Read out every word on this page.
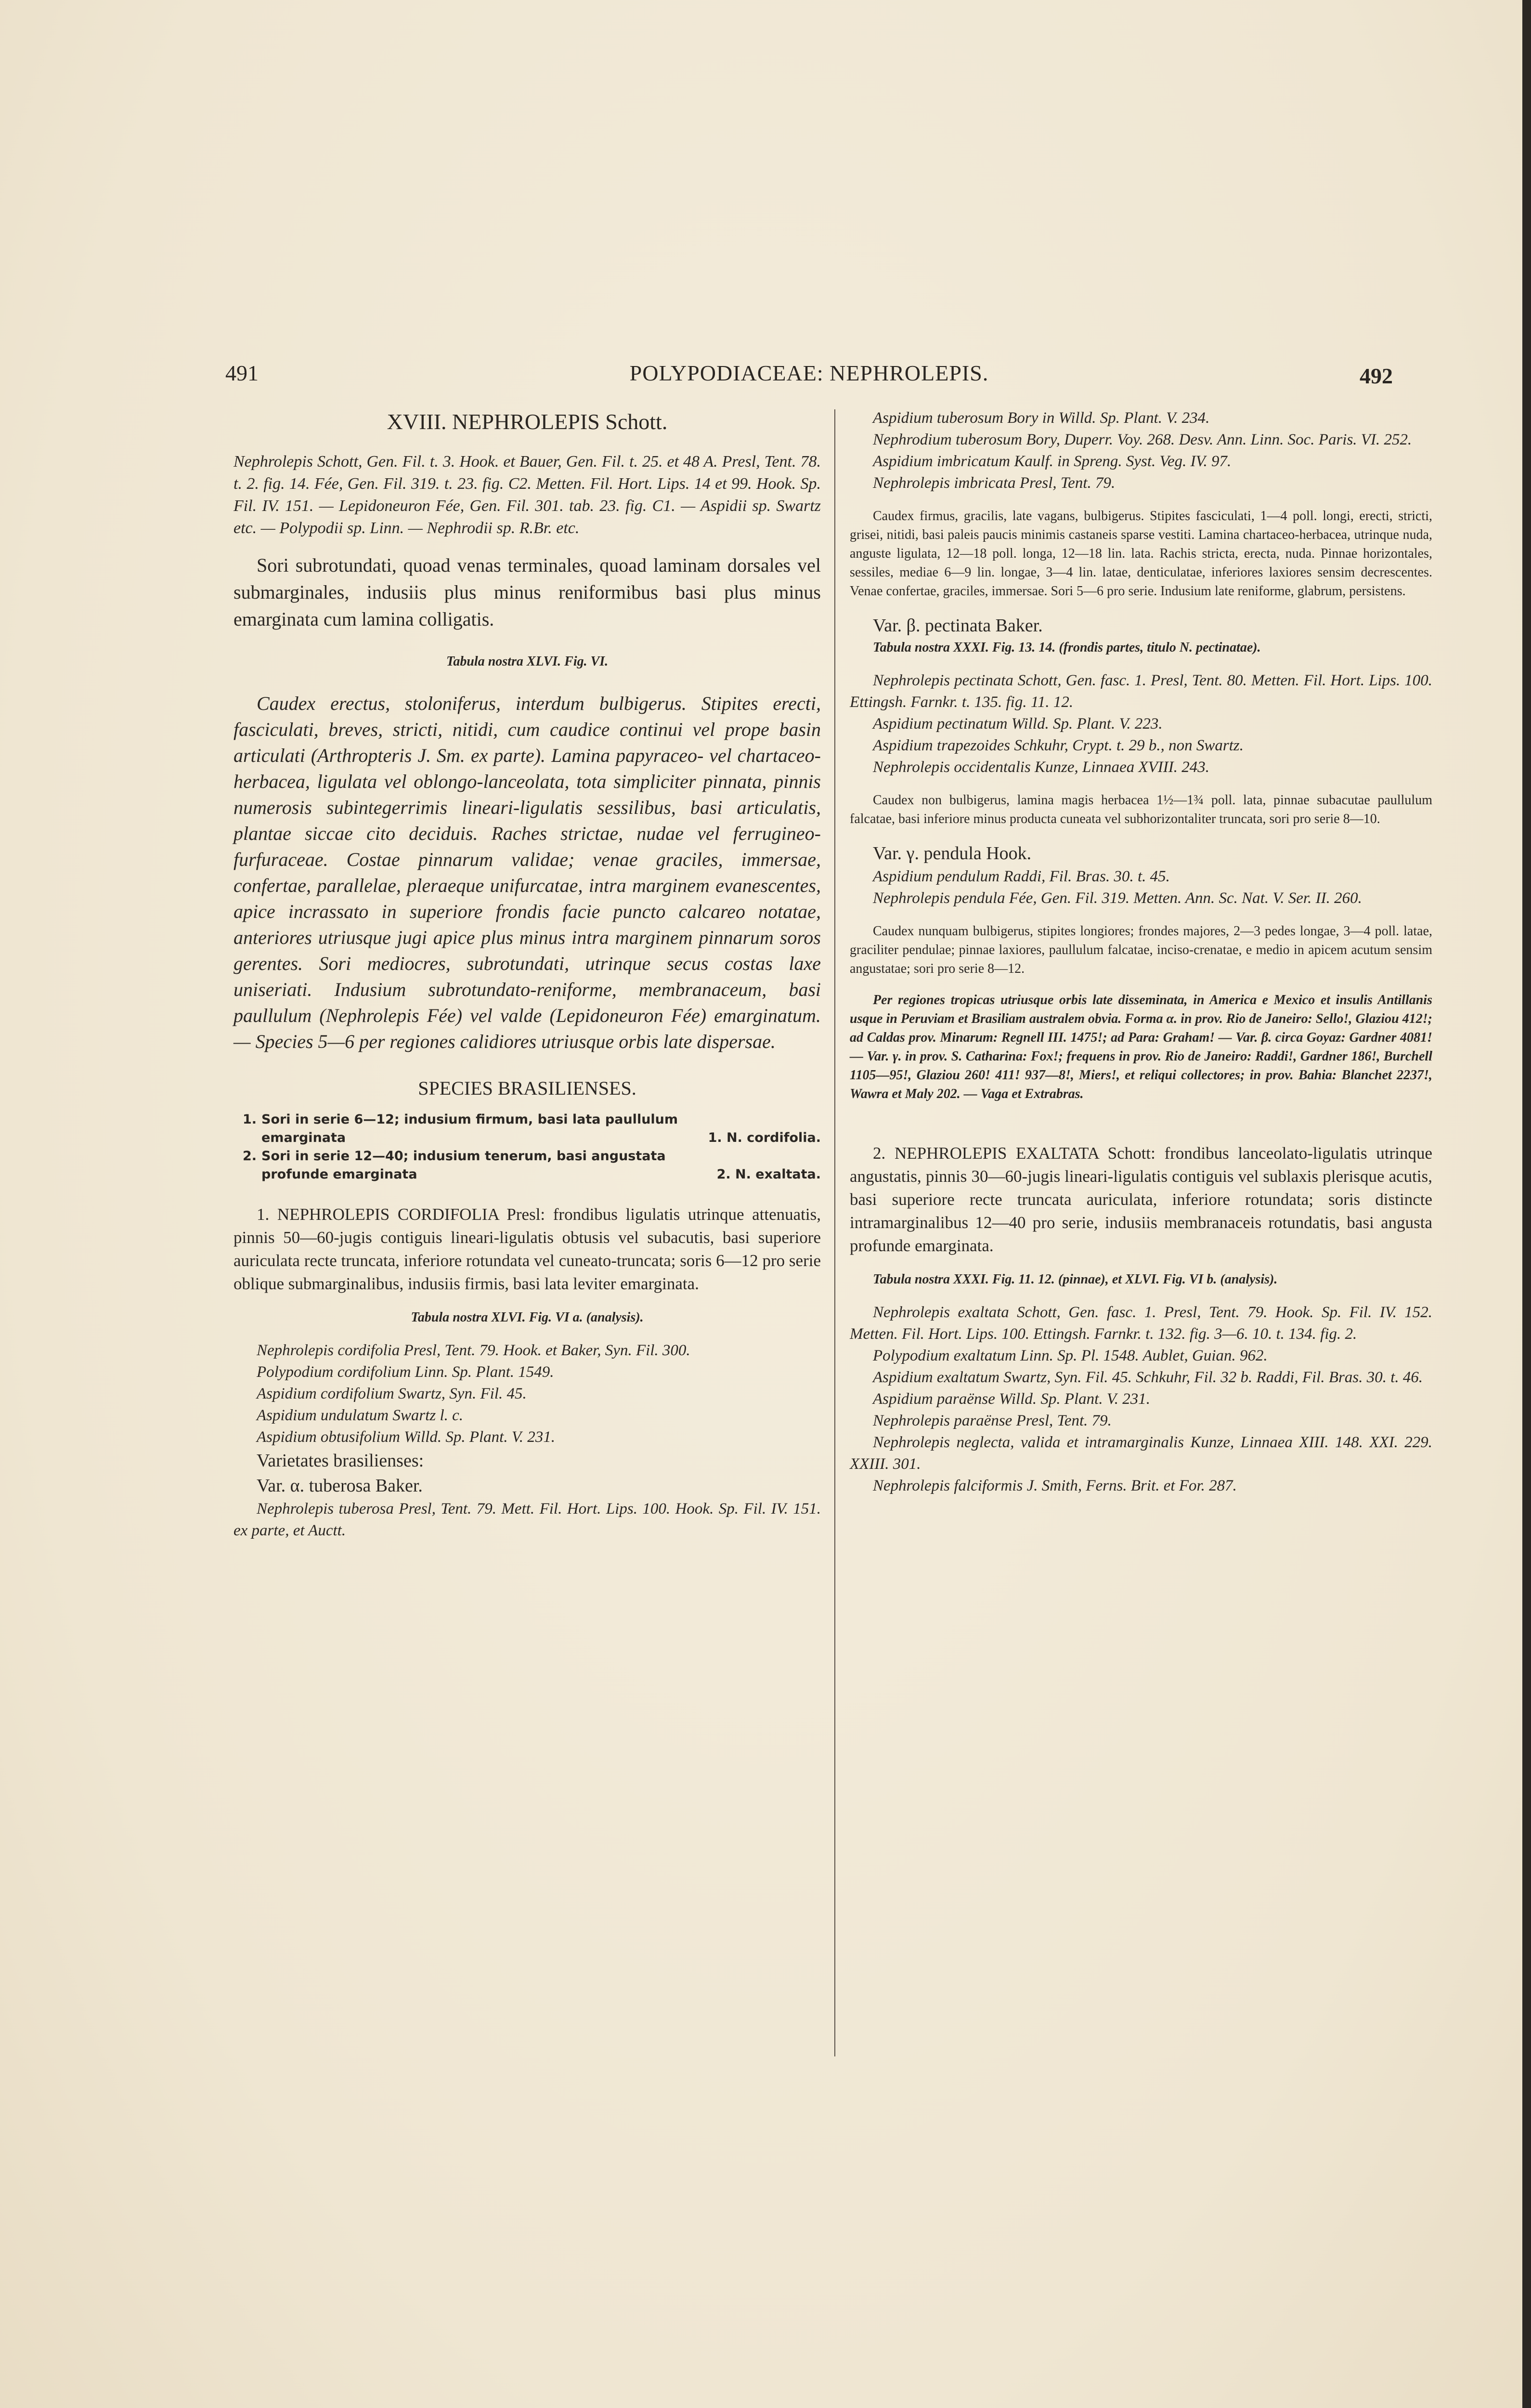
491	POLYPODIACEAE: NEPHROLEPIS.	492

XVIII. NEPHROLEPIS Schott.

Nephrolepis Schott, Gen. Fil. t. 3. Hook. et Bauer, Gen. Fil. t. 25. et 48 A. Presl, Tent. 78. t. 2. fig. 14. Fée, Gen. Fil. 319. t. 23. fig. C2. Metten. Fil. Hort. Lips. 14 et 99. Hook. Sp. Fil. IV. 151. — Lepidoneuron Fée, Gen. Fil. 301. tab. 23. fig. C1. — Aspidii sp. Swartz etc. — Polypodii sp. Linn. — Nephrodii sp. R.Br. etc.

Sori subrotundati, quoad venas terminales, quoad laminam dorsales vel submarginales, indusiis plus minus reniformibus basi plus minus emarginata cum lamina colligatis.

Tabula nostra XLVI. Fig. VI.

Caudex erectus, stoloniferus, interdum bulbigerus. Stipites erecti, fasciculati, breves, stricti, nitidi, cum caudice continui vel prope basin articulati (Arthropteris J. Sm. ex parte). Lamina papyraceo- vel chartaceo-herbacea, ligulata vel oblongo-lanceolata, tota simpliciter pinnata, pinnis numerosis subintegerrimis lineari-ligulatis sessilibus, basi articulatis, plantae siccae cito deciduis. Raches strictae, nudae vel ferrugineo-furfuraceae. Costae pinnarum validae; venae graciles, immersae, confertae, parallelae, pleraeque unifurcatae, intra marginem evanescentes, apice incrassato in superiore frondis facie puncto calcareo notatae, anteriores utriusque jugi apice plus minus intra marginem pinnarum soros gerentes. Sori mediocres, subrotundati, utrinque secus costas laxe uniseriati. Indusium subrotundato-reniforme, membranaceum, basi paullulum (Nephrolepis Fée) vel valde (Lepidoneuron Fée) emarginatum. — Species 5—6 per regiones calidiores utriusque orbis late dispersae.

SPECIES BRASILIENSES.

1. Sori in serie 6—12; indusium firmum, basi lata paullulum emarginata	1. N. cordifolia.
2. Sori in serie 12—40; indusium tenerum, basi angustata profunde emarginata	2. N. exaltata.

1. NEPHROLEPIS CORDIFOLIA Presl: frondibus ligulatis utrinque attenuatis, pinnis 50—60-jugis contiguis lineari-ligulatis obtusis vel subacutis, basi superiore auriculata recte truncata, inferiore rotundata vel cuneato-truncata; soris 6—12 pro serie oblique submarginalibus, indusiis firmis, basi lata leviter emarginata.

Tabula nostra XLVI. Fig. VI a. (analysis).

Nephrolepis cordifolia Presl, Tent. 79. Hook. et Baker, Syn. Fil. 300.

Polypodium cordifolium Linn. Sp. Plant. 1549.

Aspidium cordifolium Swartz, Syn. Fil. 45.

Aspidium undulatum Swartz l. c.

Aspidium obtusifolium Willd. Sp. Plant. V. 231.

Varietates brasilienses:

Var. α. tuberosa Baker.

Nephrolepis tuberosa Presl, Tent. 79. Mett. Fil. Hort. Lips. 100. Hook. Sp. Fil. IV. 151. ex parte, et Auctt.

Aspidium tuberosum Bory in Willd. Sp. Plant. V. 234.

Nephrodium tuberosum Bory, Duperr. Voy. 268. Desv. Ann. Linn. Soc. Paris. VI. 252.

Aspidium imbricatum Kaulf. in Spreng. Syst. Veg. IV. 97.

Nephrolepis imbricata Presl, Tent. 79.

Caudex firmus, gracilis, late vagans, bulbigerus. Stipites fasciculati, 1—4 poll. longi, erecti, stricti, grisei, nitidi, basi paleis paucis minimis castaneis sparse vestiti. Lamina chartaceo-herbacea, utrinque nuda, anguste ligulata, 12—18 poll. longa, 12—18 lin. lata. Rachis stricta, erecta, nuda. Pinnae horizontales, sessiles, mediae 6—9 lin. longae, 3—4 lin. latae, denticulatae, inferiores laxiores sensim decrescentes. Venae confertae, graciles, immersae. Sori 5—6 pro serie. Indusium late reniforme, glabrum, persistens.

Var. β. pectinata Baker.

Tabula nostra XXXI. Fig. 13. 14. (frondis partes, titulo N. pectinatae).

Nephrolepis pectinata Schott, Gen. fasc. 1. Presl, Tent. 80. Metten. Fil. Hort. Lips. 100. Ettingsh. Farnkr. t. 135. fig. 11. 12.

Aspidium pectinatum Willd. Sp. Plant. V. 223.

Aspidium trapezoides Schkuhr, Crypt. t. 29 b., non Swartz.

Nephrolepis occidentalis Kunze, Linnaea XVIII. 243.

Caudex non bulbigerus, lamina magis herbacea 1½—1¾ poll. lata, pinnae subacutae paullulum falcatae, basi inferiore minus producta cuneata vel subhorizontaliter truncata, sori pro serie 8—10.

Var. γ. pendula Hook.

Aspidium pendulum Raddi, Fil. Bras. 30. t. 45.

Nephrolepis pendula Fée, Gen. Fil. 319. Metten. Ann. Sc. Nat. V. Ser. II. 260.

Caudex nunquam bulbigerus, stipites longiores; frondes majores, 2—3 pedes longae, 3—4 poll. latae, graciliter pendulae; pinnae laxiores, paullulum falcatae, inciso-crenatae, e medio in apicem acutum sensim angustatae; sori pro serie 8—12.

Per regiones tropicas utriusque orbis late disseminata, in America e Mexico et insulis Antillanis usque in Peruviam et Brasiliam australem obvia. Forma α. in prov. Rio de Janeiro: Sello!, Glaziou 412!; ad Caldas prov. Minarum: Regnell III. 1475!; ad Para: Graham! — Var. β. circa Goyaz: Gardner 4081! — Var. γ. in prov. S. Catharina: Fox!; frequens in prov. Rio de Janeiro: Raddi!, Gardner 186!, Burchell 1105—95!, Glaziou 260! 411! 937—8!, Miers!, et reliqui collectores; in prov. Bahia: Blanchet 2237!, Wawra et Maly 202. — Vaga et Extrabras.

2. NEPHROLEPIS EXALTATA Schott: frondibus lanceolato-ligulatis utrinque angustatis, pinnis 30—60-jugis lineari-ligulatis contiguis vel sublaxis plerisque acutis, basi superiore recte truncata auriculata, inferiore rotundata; soris distincte intramarginalibus 12—40 pro serie, indusiis membranaceis rotundatis, basi angusta profunde emarginata.

Tabula nostra XXXI. Fig. 11. 12. (pinnae), et XLVI. Fig. VI b. (analysis).

Nephrolepis exaltata Schott, Gen. fasc. 1. Presl, Tent. 79. Hook. Sp. Fil. IV. 152. Metten. Fil. Hort. Lips. 100. Ettingsh. Farnkr. t. 132. fig. 3—6. 10. t. 134. fig. 2.

Polypodium exaltatum Linn. Sp. Pl. 1548. Aublet, Guian. 962.

Aspidium exaltatum Swartz, Syn. Fil. 45. Schkuhr, Fil. 32 b. Raddi, Fil. Bras. 30. t. 46.

Aspidium paraënse Willd. Sp. Plant. V. 231.

Nephrolepis paraënse Presl, Tent. 79.

Nephrolepis neglecta, valida et intramarginalis Kunze, Linnaea XIII. 148. XXI. 229. XXIII. 301.

Nephrolepis falciformis J. Smith, Ferns. Brit. et For. 287.
